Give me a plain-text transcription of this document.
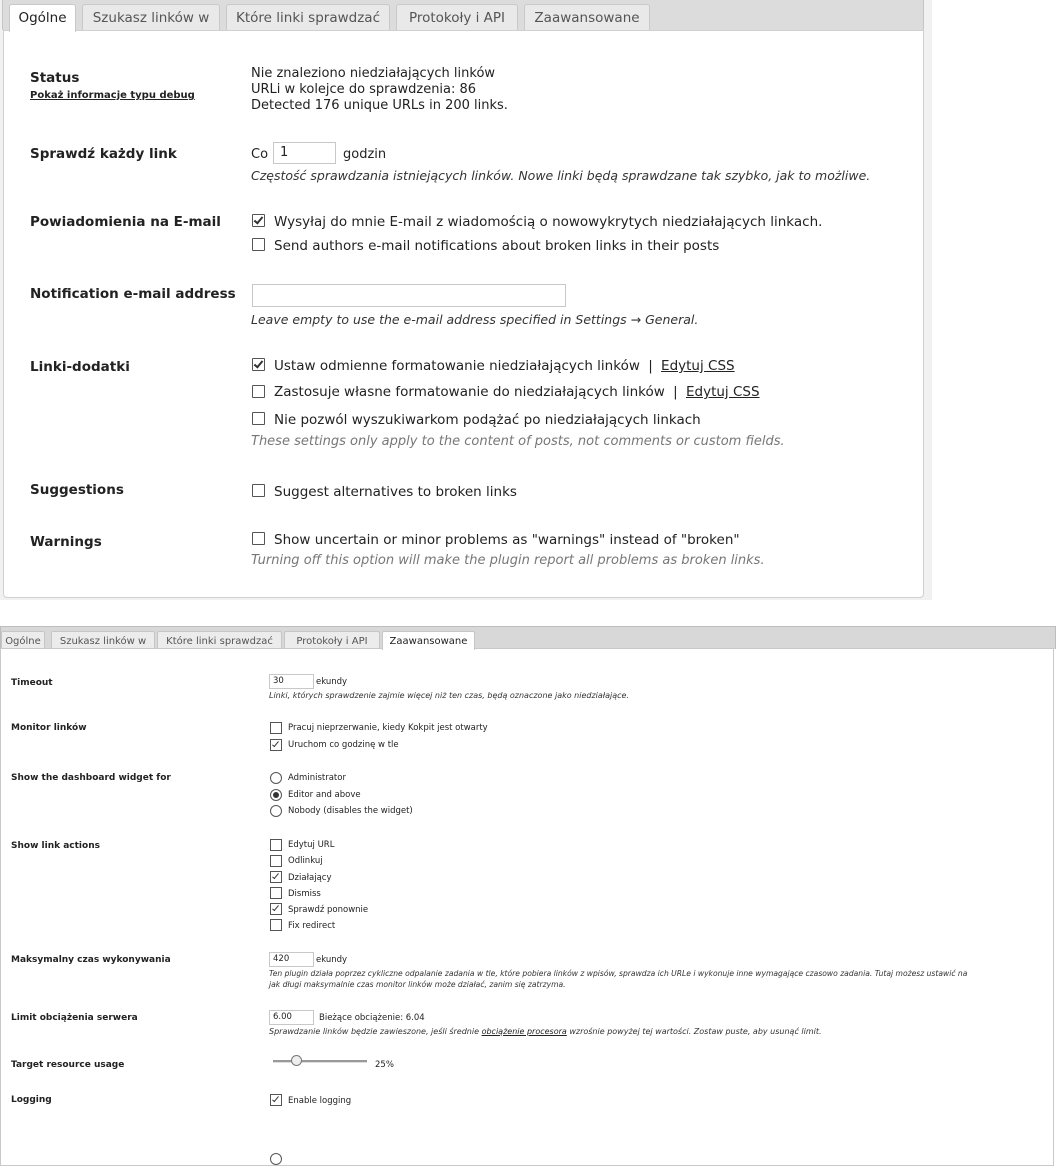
Ogólne	Szukasz linków w	Które linki sprawdzać	Protokoły i API	Zaawansowane
Status
Pokaż informacje typu debug
Nie znaleziono niedziałających linków
URLi w kolejce do sprawdzenia: 86
Detected 176 unique URLs in 200 links.
Sprawdź każdy link	Co 1	godzin
Częstość sprawdzania istniejących linków. Nowe linki będą sprawdzane tak szybko, jak to możliwe.
Powiadomienia na E-mail	Wysyłaj do mnie E-mail z wiadomością o nowowykrytych niedziałających linkach.
Send authors e-mail notifications about broken links in their posts
Notification e-mail address
Leave empty to use the e-mail address specified in Settings → General.
Linki-dodatki	Ustaw odmienne formatowanie niedziałających linków | Edytuj CSS
Zastosuje własne formatowanie do niedziałających linków | Edytuj CSS
Nie pozwól wyszukiwarkom podążać po niedziałających linkach
These settings only apply to the content of posts, not comments or custom fields.
Suggestions	Suggest alternatives to broken links
Warnings	Show uncertain or minor problems as "warnings" instead of "broken"
Turning off this option will make the plugin report all problems as broken links.
Ogólne	Szukasz linków w	Które linki sprawdzać	Protokoły i API	Zaawansowane
Timeout	30	ekundy
Linki, których sprawdzenie zajmie więcej niż ten czas, będą oznaczone jako niedziałające.
Monitor linków	Pracuj nieprzerwanie, kiedy Kokpit jest otwarty
Uruchom co godzinę w tle
Show the dashboard widget for	Administrator
Editor and above
Nobody (disables the widget)
Show link actions	Edytuj URL
Odlinkuj
Działający
Dismiss
Sprawdź ponownie
Fix redirect
Maksymalny czas wykonywania	420	ekundy
Ten plugin działa poprzez cykliczne odpalanie zadania w tle, które pobiera linków z wpisów, sprawdza ich URLe i wykonuje inne wymagające czasowo zadania. Tutaj możesz ustawić na
jak długi maksymalnie czas monitor linków może działać, zanim się zatrzyma.
Limit obciążenia serwera	6.00	Bieżące obciążenie: 6.04
Sprawdzanie linków będzie zawieszone, jeśli średnie obciążenie procesora wzrośnie powyżej tej wartości. Zostaw puste, aby usunąć limit.
Target resource usage	25%
Logging	Enable logging
